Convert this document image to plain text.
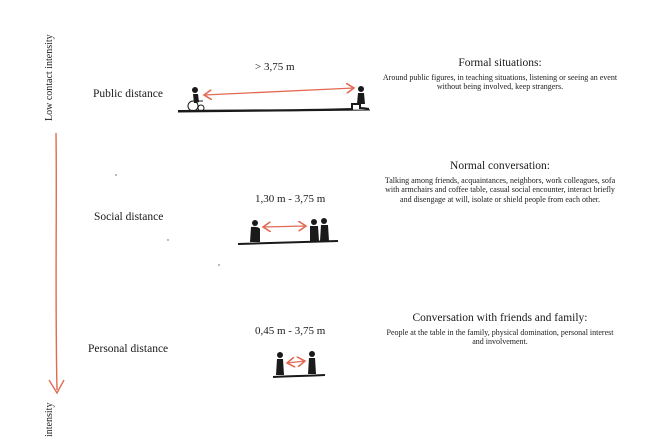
Low contact intensity
intensity
Public distance
Social distance
Personal distance
> 3,75 m
1,30 m - 3,75 m
0,45 m - 3,75 m
Formal situations:
Around public figures, in teaching situations, listening or seeing an event without being involved, keep strangers.
Normal conversation:
Talking among friends, acquaintances, neighbors, work colleagues, sofa with armchairs and coffee table, casual social encounter, interact briefly and disengage at will, isolate or shield people from each other.
Conversation with friends and family:
People at the table in the family, physical domination, personal interest and involvement.
